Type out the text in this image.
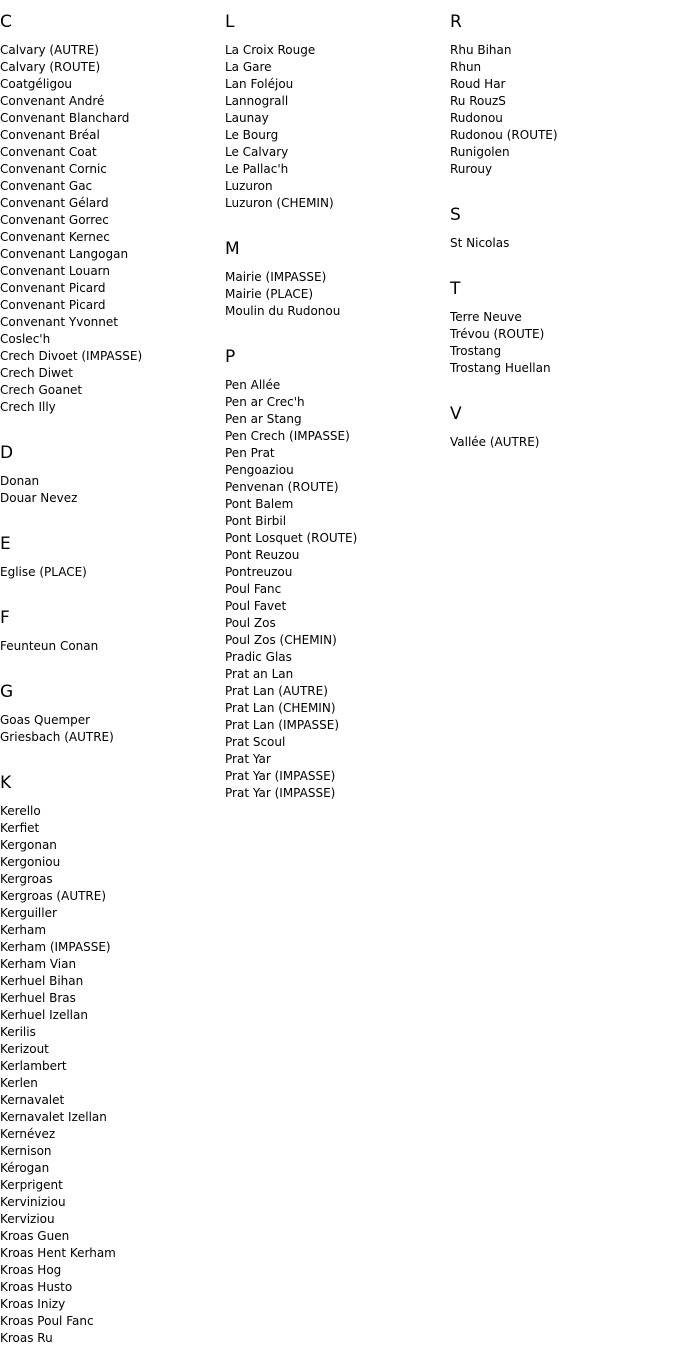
C
Calvary (AUTRE)
Calvary (ROUTE)
Coatgéligou
Convenant André
Convenant Blanchard
Convenant Bréal
Convenant Coat
Convenant Cornic
Convenant Gac
Convenant Gélard
Convenant Gorrec
Convenant Kernec
Convenant Langogan
Convenant Louarn
Convenant Picard
Convenant Picard
Convenant Yvonnet
Coslec'h
Crech Divoet (IMPASSE)
Crech Diwet
Crech Goanet
Crech Illy
D
Donan
Douar Nevez
E
Eglise (PLACE)
F
Feunteun Conan
G
Goas Quemper
Griesbach (AUTRE)
K
Kerello
Kerfiet
Kergonan
Kergoniou
Kergroas
Kergroas (AUTRE)
Kerguiller
Kerham
Kerham (IMPASSE)
Kerham Vian
Kerhuel Bihan
Kerhuel Bras
Kerhuel Izellan
Kerilis
Kerizout
Kerlambert
Kerlen
Kernavalet
Kernavalet Izellan
Kernévez
Kernison
Kérogan
Kerprigent
Kerviniziou
Kerviziou
Kroas Guen
Kroas Hent Kerham
Kroas Hog
Kroas Husto
Kroas Inizy
Kroas Poul Fanc
Kroas Ru
L
La Croix Rouge
La Gare
Lan Foléjou
Lannograll
Launay
Le Bourg
Le Calvary
Le Pallac'h
Luzuron
Luzuron (CHEMIN)
M
Mairie (IMPASSE)
Mairie (PLACE)
Moulin du Rudonou
P
Pen Allée
Pen ar Crec'h
Pen ar Stang
Pen Crech (IMPASSE)
Pen Prat
Pengoaziou
Penvenan (ROUTE)
Pont Balem
Pont Birbil
Pont Losquet (ROUTE)
Pont Reuzou
Pontreuzou
Poul Fanc
Poul Favet
Poul Zos
Poul Zos (CHEMIN)
Pradic Glas
Prat an Lan
Prat Lan (AUTRE)
Prat Lan (CHEMIN)
Prat Lan (IMPASSE)
Prat Scoul
Prat Yar
Prat Yar (IMPASSE)
Prat Yar (IMPASSE)
R
Rhu Bihan
Rhun
Roud Har
Ru RouzS
Rudonou
Rudonou (ROUTE)
Runigolen
Rurouy
S
St Nicolas
T
Terre Neuve
Trévou (ROUTE)
Trostang
Trostang Huellan
V
Vallée (AUTRE)
